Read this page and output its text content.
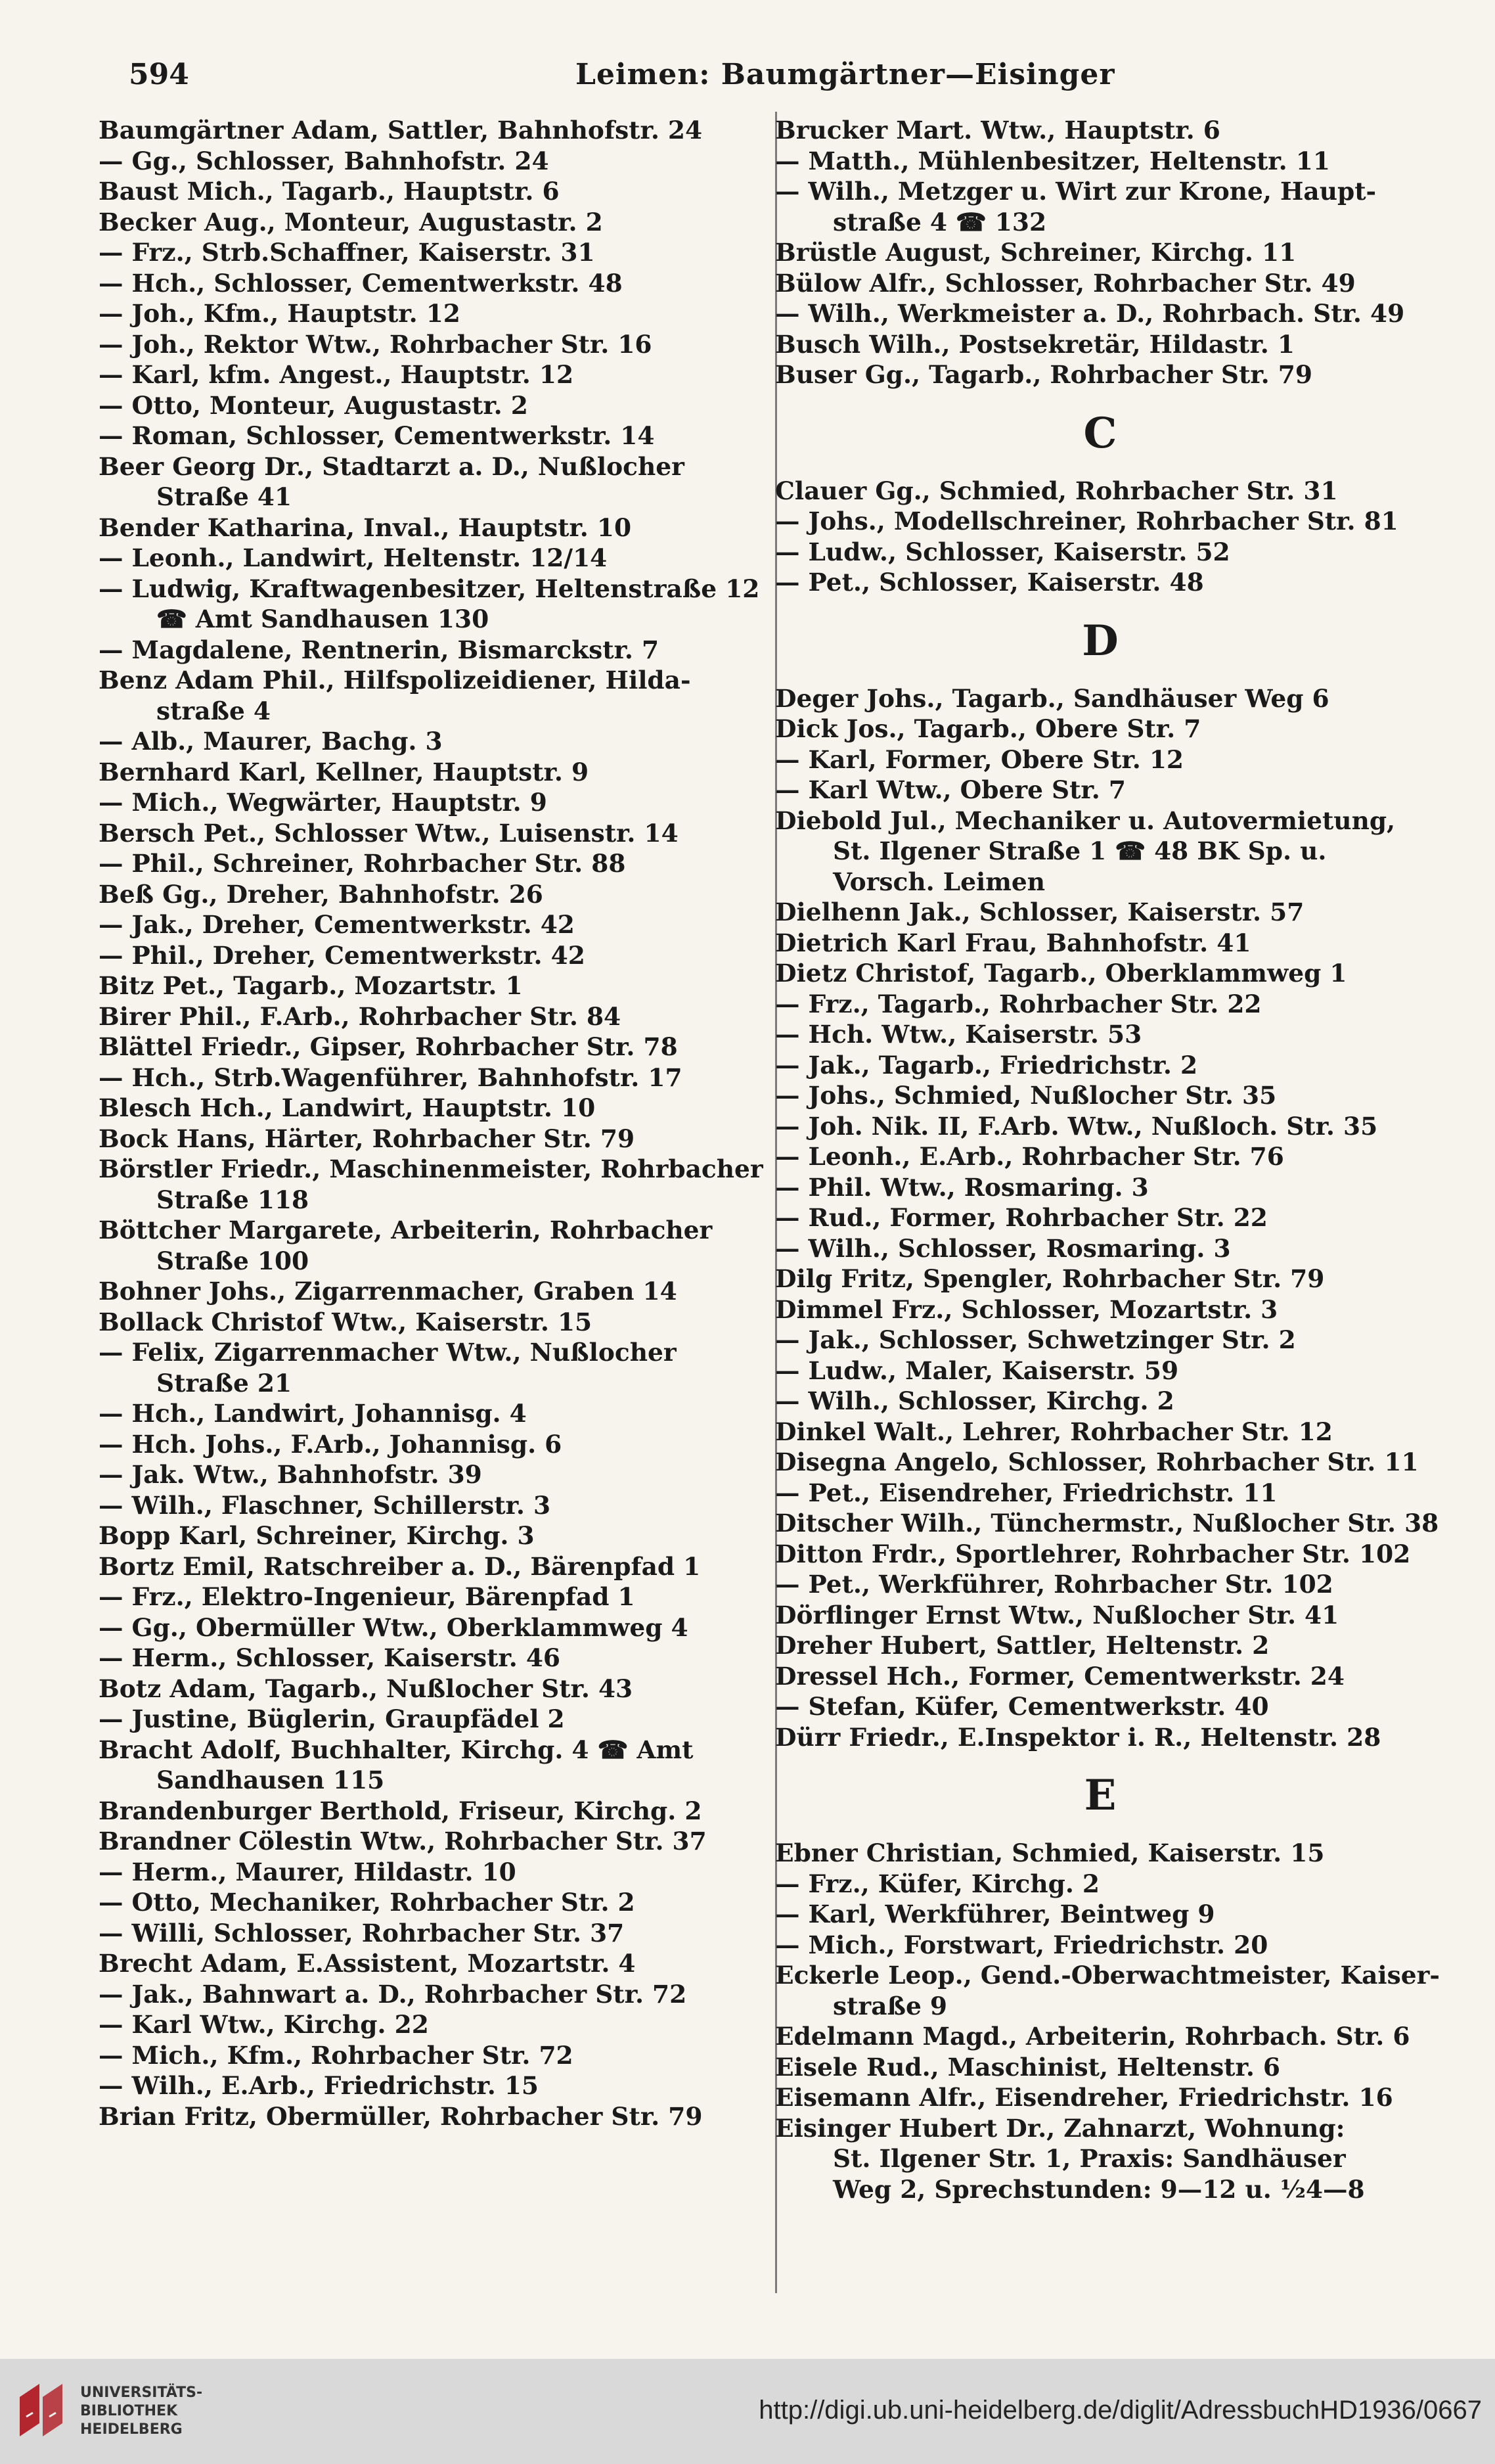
594	Leimen: Baumgärtner—Eisinger
Baumgärtner Adam, Sattler, Bahnhofstr. 24
— Gg., Schlosser, Bahnhofstr. 24
Baust Mich., Tagarb., Hauptstr. 6
Becker Aug., Monteur, Augustastr. 2
— Frz., Strb.Schaffner, Kaiserstr. 31
— Hch., Schlosser, Cementwerkstr. 48
— Joh., Kfm., Hauptstr. 12
— Joh., Rektor Wtw., Rohrbacher Str. 16
— Karl, kfm. Angest., Hauptstr. 12
— Otto, Monteur, Augustastr. 2
— Roman, Schlosser, Cementwerkstr. 14
Beer Georg Dr., Stadtarzt a. D., Nußlocher
Straße 41
Bender Katharina, Inval., Hauptstr. 10
— Leonh., Landwirt, Heltenstr. 12/14
— Ludwig, Kraftwagenbesitzer, Heltenstraße 12
☎ Amt Sandhausen 130
— Magdalene, Rentnerin, Bismarckstr. 7
Benz Adam Phil., Hilfspolizeidiener, Hilda-
straße 4
— Alb., Maurer, Bachg. 3
Bernhard Karl, Kellner, Hauptstr. 9
— Mich., Wegwärter, Hauptstr. 9
Bersch Pet., Schlosser Wtw., Luisenstr. 14
— Phil., Schreiner, Rohrbacher Str. 88
Beß Gg., Dreher, Bahnhofstr. 26
— Jak., Dreher, Cementwerkstr. 42
— Phil., Dreher, Cementwerkstr. 42
Bitz Pet., Tagarb., Mozartstr. 1
Birer Phil., F.Arb., Rohrbacher Str. 84
Blättel Friedr., Gipser, Rohrbacher Str. 78
— Hch., Strb.Wagenführer, Bahnhofstr. 17
Blesch Hch., Landwirt, Hauptstr. 10
Bock Hans, Härter, Rohrbacher Str. 79
Börstler Friedr., Maschinenmeister, Rohrbacher
Straße 118
Böttcher Margarete, Arbeiterin, Rohrbacher
Straße 100
Bohner Johs., Zigarrenmacher, Graben 14
Bollack Christof Wtw., Kaiserstr. 15
— Felix, Zigarrenmacher Wtw., Nußlocher
Straße 21
— Hch., Landwirt, Johannisg. 4
— Hch. Johs., F.Arb., Johannisg. 6
— Jak. Wtw., Bahnhofstr. 39
— Wilh., Flaschner, Schillerstr. 3
Bopp Karl, Schreiner, Kirchg. 3
Bortz Emil, Ratschreiber a. D., Bärenpfad 1
— Frz., Elektro-Ingenieur, Bärenpfad 1
— Gg., Obermüller Wtw., Oberklammweg 4
— Herm., Schlosser, Kaiserstr. 46
Botz Adam, Tagarb., Nußlocher Str. 43
— Justine, Büglerin, Graupfädel 2
Bracht Adolf, Buchhalter, Kirchg. 4 ☎ Amt
Sandhausen 115
Brandenburger Berthold, Friseur, Kirchg. 2
Brandner Cölestin Wtw., Rohrbacher Str. 37
— Herm., Maurer, Hildastr. 10
— Otto, Mechaniker, Rohrbacher Str. 2
— Willi, Schlosser, Rohrbacher Str. 37
Brecht Adam, E.Assistent, Mozartstr. 4
— Jak., Bahnwart a. D., Rohrbacher Str. 72
— Karl Wtw., Kirchg. 22
— Mich., Kfm., Rohrbacher Str. 72
— Wilh., E.Arb., Friedrichstr. 15
Brian Fritz, Obermüller, Rohrbacher Str. 79
Brucker Mart. Wtw., Hauptstr. 6
— Matth., Mühlenbesitzer, Heltenstr. 11
— Wilh., Metzger u. Wirt zur Krone, Haupt-
straße 4 ☎ 132
Brüstle August, Schreiner, Kirchg. 11
Bülow Alfr., Schlosser, Rohrbacher Str. 49
— Wilh., Werkmeister a. D., Rohrbach. Str. 49
Busch Wilh., Postsekretär, Hildastr. 1
Buser Gg., Tagarb., Rohrbacher Str. 79
C
Clauer Gg., Schmied, Rohrbacher Str. 31
— Johs., Modellschreiner, Rohrbacher Str. 81
— Ludw., Schlosser, Kaiserstr. 52
— Pet., Schlosser, Kaiserstr. 48
D
Deger Johs., Tagarb., Sandhäuser Weg 6
Dick Jos., Tagarb., Obere Str. 7
— Karl, Former, Obere Str. 12
— Karl Wtw., Obere Str. 7
Diebold Jul., Mechaniker u. Autovermietung,
St. Ilgener Straße 1 ☎ 48 BK Sp. u.
Vorsch. Leimen
Dielhenn Jak., Schlosser, Kaiserstr. 57
Dietrich Karl Frau, Bahnhofstr. 41
Dietz Christof, Tagarb., Oberklammweg 1
— Frz., Tagarb., Rohrbacher Str. 22
— Hch. Wtw., Kaiserstr. 53
— Jak., Tagarb., Friedrichstr. 2
— Johs., Schmied, Nußlocher Str. 35
— Joh. Nik. II, F.Arb. Wtw., Nußloch. Str. 35
— Leonh., E.Arb., Rohrbacher Str. 76
— Phil. Wtw., Rosmaring. 3
— Rud., Former, Rohrbacher Str. 22
— Wilh., Schlosser, Rosmaring. 3
Dilg Fritz, Spengler, Rohrbacher Str. 79
Dimmel Frz., Schlosser, Mozartstr. 3
— Jak., Schlosser, Schwetzinger Str. 2
— Ludw., Maler, Kaiserstr. 59
— Wilh., Schlosser, Kirchg. 2
Dinkel Walt., Lehrer, Rohrbacher Str. 12
Disegna Angelo, Schlosser, Rohrbacher Str. 11
— Pet., Eisendreher, Friedrichstr. 11
Ditscher Wilh., Tünchermstr., Nußlocher Str. 38
Ditton Frdr., Sportlehrer, Rohrbacher Str. 102
— Pet., Werkführer, Rohrbacher Str. 102
Dörflinger Ernst Wtw., Nußlocher Str. 41
Dreher Hubert, Sattler, Heltenstr. 2
Dressel Hch., Former, Cementwerkstr. 24
— Stefan, Küfer, Cementwerkstr. 40
Dürr Friedr., E.Inspektor i. R., Heltenstr. 28
E
Ebner Christian, Schmied, Kaiserstr. 15
— Frz., Küfer, Kirchg. 2
— Karl, Werkführer, Beintweg 9
— Mich., Forstwart, Friedrichstr. 20
Eckerle Leop., Gend.-Oberwachtmeister, Kaiser-
straße 9
Edelmann Magd., Arbeiterin, Rohrbach. Str. 6
Eisele Rud., Maschinist, Heltenstr. 6
Eisemann Alfr., Eisendreher, Friedrichstr. 16
Eisinger Hubert Dr., Zahnarzt, Wohnung:
St. Ilgener Str. 1, Praxis: Sandhäuser
Weg 2, Sprechstunden: 9—12 u. ½4—8
UNIVERSITÄTS-
BIBLIOTHEK
HEIDELBERG
http://digi.ub.uni-heidelberg.de/diglit/AdressbuchHD1936/0667
